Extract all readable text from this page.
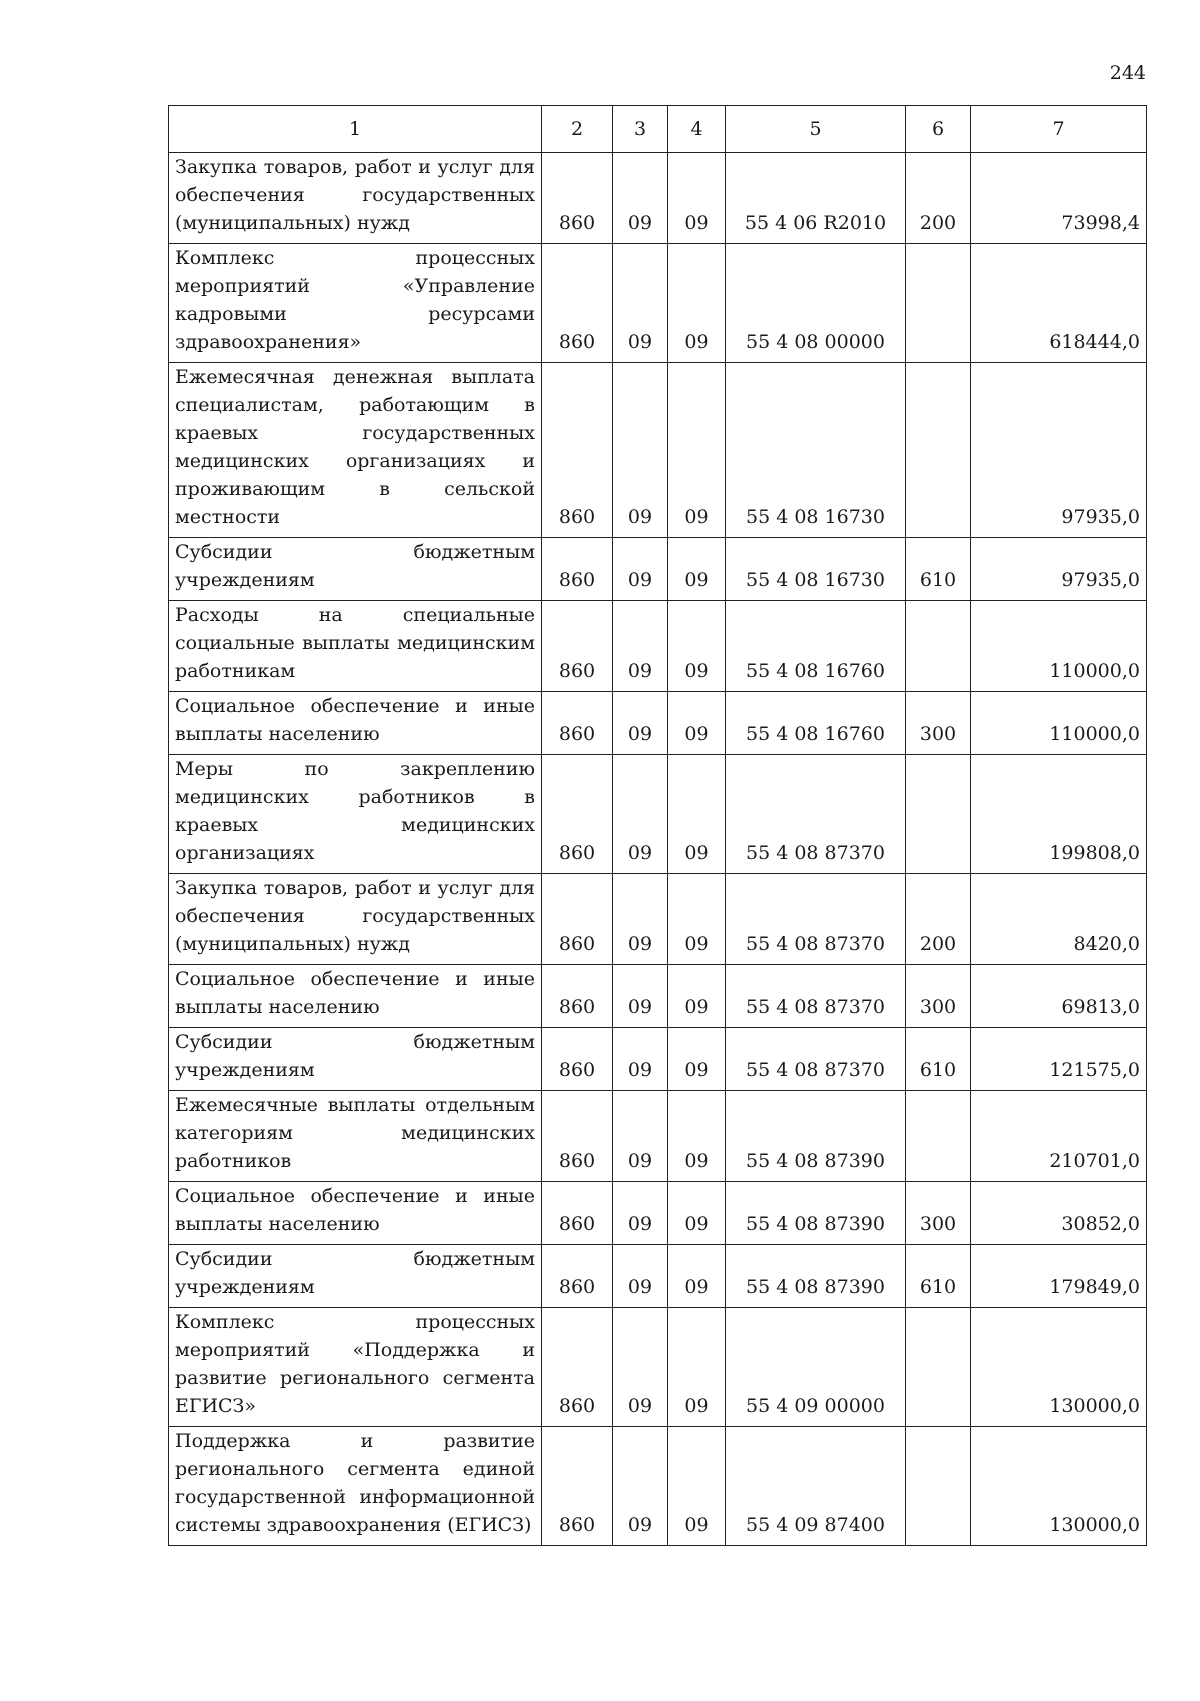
244
1	2	3	4	5	6	7
Закупка товаров, работ и услуг для обеспечения государственных (муниципальных) нужд	860	09	09	55 4 06 R2010	200	73998,4
Комплекс процессных мероприятий «Управление кадровыми ресурсами здравоохранения»	860	09	09	55 4 08 00000		618444,0
Ежемесячная денежная выплата специалистам, работающим в краевых государственных медицинских организациях и проживающим в сельской местности	860	09	09	55 4 08 16730		97935,0
Субсидии бюджетным учреждениям	860	09	09	55 4 08 16730	610	97935,0
Расходы на специальные социальные выплаты медицинским работникам	860	09	09	55 4 08 16760		110000,0
Социальное обеспечение и иные выплаты населению	860	09	09	55 4 08 16760	300	110000,0
Меры по закреплению медицинских работников в краевых медицинских организациях	860	09	09	55 4 08 87370		199808,0
Закупка товаров, работ и услуг для обеспечения государственных (муниципальных) нужд	860	09	09	55 4 08 87370	200	8420,0
Социальное обеспечение и иные выплаты населению	860	09	09	55 4 08 87370	300	69813,0
Субсидии бюджетным учреждениям	860	09	09	55 4 08 87370	610	121575,0
Ежемесячные выплаты отдельным категориям медицинских работников	860	09	09	55 4 08 87390		210701,0
Социальное обеспечение и иные выплаты населению	860	09	09	55 4 08 87390	300	30852,0
Субсидии бюджетным учреждениям	860	09	09	55 4 08 87390	610	179849,0
Комплекс процессных мероприятий «Поддержка и развитие регионального сегмента ЕГИСЗ»	860	09	09	55 4 09 00000		130000,0
Поддержка и развитие регионального сегмента единой государственной информационной системы здравоохранения (ЕГИСЗ)	860	09	09	55 4 09 87400		130000,0
